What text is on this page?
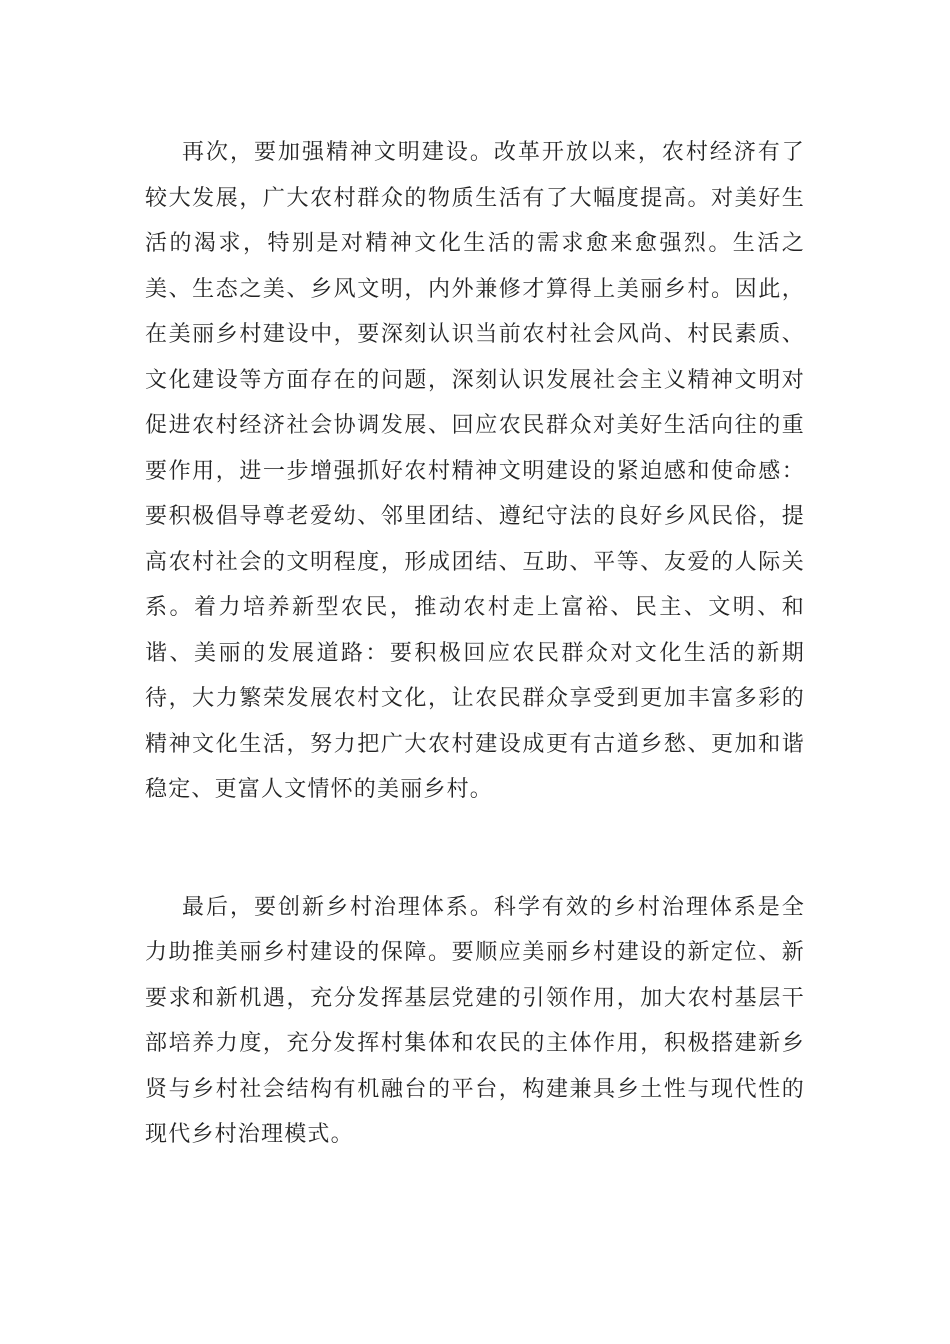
再次，要加强精神文明建设。改革开放以来，农村经济有了较大发展，广大农村群众的物质生活有了大幅度提高。对美好生活的渴求，特别是对精神文化生活的需求愈来愈强烈。生活之美、生态之美、乡风文明，内外兼修才算得上美丽乡村。因此，在美丽乡村建设中，要深刻认识当前农村社会风尚、村民素质、文化建设等方面存在的问题，深刻认识发展社会主义精神文明对促进农村经济社会协调发展、回应农民群众对美好生活向往的重要作用，进一步增强抓好农村精神文明建设的紧迫感和使命感：要积极倡导尊老爱幼、邻里团结、遵纪守法的良好乡风民俗，提高农村社会的文明程度，形成团结、互助、平等、友爱的人际关系。着力培养新型农民，推动农村走上富裕、民主、文明、和谐、美丽的发展道路：要积极回应农民群众对文化生活的新期待，大力繁荣发展农村文化，让农民群众享受到更加丰富多彩的精神文化生活，努力把广大农村建设成更有古道乡愁、更加和谐稳定、更富人文情怀的美丽乡村。

最后，要创新乡村治理体系。科学有效的乡村治理体系是全力助推美丽乡村建设的保障。要顺应美丽乡村建设的新定位、新要求和新机遇，充分发挥基层党建的引领作用，加大农村基层干部培养力度，充分发挥村集体和农民的主体作用，积极搭建新乡贤与乡村社会结构有机融台的平台，构建兼具乡土性与现代性的现代乡村治理模式。
